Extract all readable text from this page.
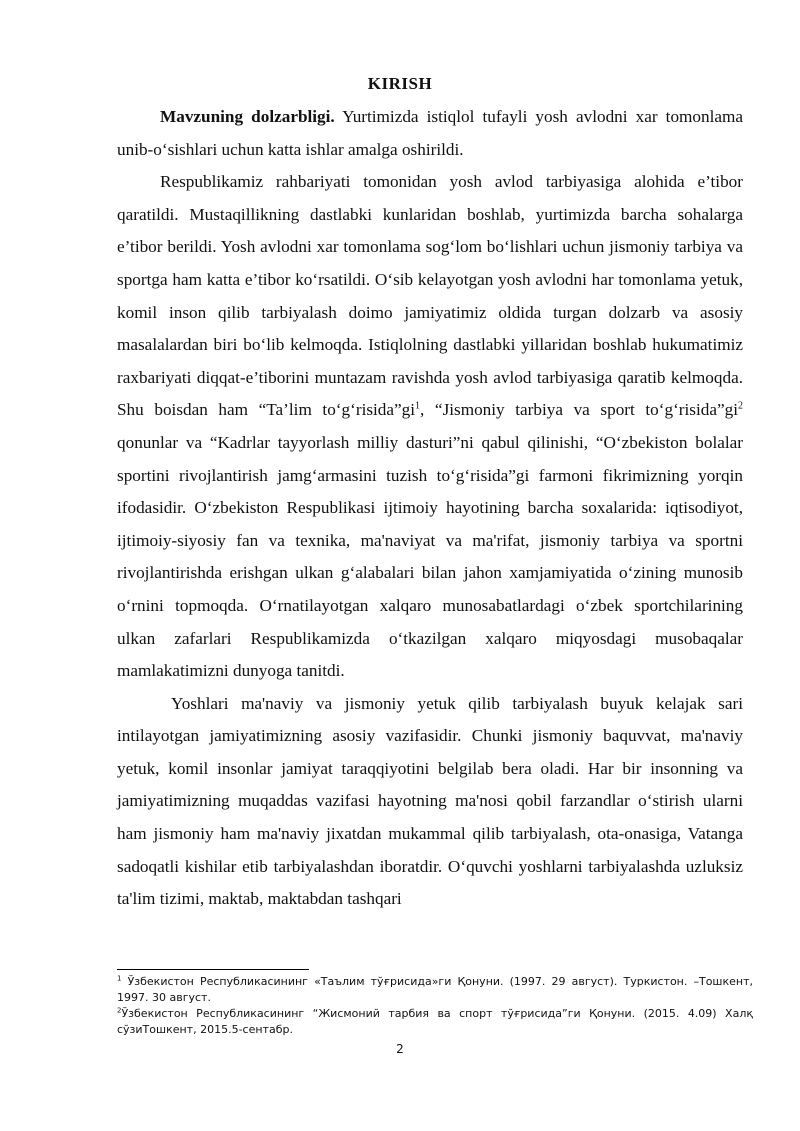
KIRISH

Mavzuning dolzarbligi. Yurtimizda istiqlol tufayli yosh avlodni xar tomonlama unib-o‘sishlari uchun katta ishlar amalga oshirildi.

Respublikamiz rahbariyati tomonidan yosh avlod tarbiyasiga alohida e’tibor qaratildi. Mustaqillikning dastlabki kunlaridan boshlab, yurtimizda barcha sohalarga e’tibor berildi. Yosh avlodni xar tomonlama sog‘lom bo‘lishlari uchun jismoniy tarbiya va sportga ham katta e’tibor ko‘rsatildi. O‘sib kelayotgan yosh avlodni har tomonlama yetuk, komil inson qilib tarbiyalash doimo jamiyatimiz oldida turgan dolzarb va asosiy masalalardan biri bo‘lib kelmoqda. Istiqlolning dastlabki yillaridan boshlab hukumatimiz raxbariyati diqqat-e’tiborini muntazam ravishda yosh avlod tarbiyasiga qaratib kelmoqda. Shu boisdan ham “Ta’lim $to‘g‘risida”gi^1$, “Jismoniy tarbiya va sport $to‘g‘risida”gi^2$ qonunlar va “Kadrlar tayyorlash milliy dasturi”ni qabul qilinishi, “O‘zbekiston bolalar sportini rivojlantirish jamg‘armasini tuzish to‘g‘risida”gi farmoni fikrimizning yorqin ifodasidir. O‘zbekiston Respublikasi ijtimoiy hayotining barcha soxalarida: iqtisodiyot, ijtimoiy-siyosiy fan va texnika, ma'naviyat va ma'rifat, jismoniy tarbiya va sportni rivojlantirishda erishgan ulkan g‘alabalari bilan jahon xamjamiyatida o‘zining munosib o‘rnini topmoqda. O‘rnatilayotgan xalqaro munosabatlardagi o‘zbek sportchilarining ulkan zafarlari Respublikamizda o‘tkazilgan xalqaro miqyosdagi musobaqalar mamlakatimizni dunyoga tanitdi.

Yoshlari ma'naviy va jismoniy yetuk qilib tarbiyalash buyuk kelajak sari intilayotgan jamiyatimizning asosiy vazifasidir. Chunki jismoniy baquvvat, ma'naviy yetuk, komil insonlar jamiyat taraqqiyotini belgilab bera oladi. Har bir insonning va jamiyatimizning muqaddas vazifasi hayotning ma'nosi qobil farzandlar o‘stirish ularni ham jismoniy ham ma'naviy jixatdan mukammal qilib tarbiyalash, ota-onasiga, Vatanga sadoqatli kishilar etib tarbiyalashdan iboratdir. O‘quvchi yoshlarni tarbiyalashda uzluksiz ta'lim tizimi, maktab, maktabdan tashqari

$^1$ Ўзбекистон Республикасининг «Таълим тўғрисида»ги Қонуни. (1997. 29 август). Туркистон. –Тошкент, 1997. 30 август.

$^2$Ўзбекистон Республикасининг “Жисмоний тарбия ва спорт тўғрисида”ги Қонуни. (2015. 4.09) Халқ сўзиТошкент, 2015.5-сентабр.

2
